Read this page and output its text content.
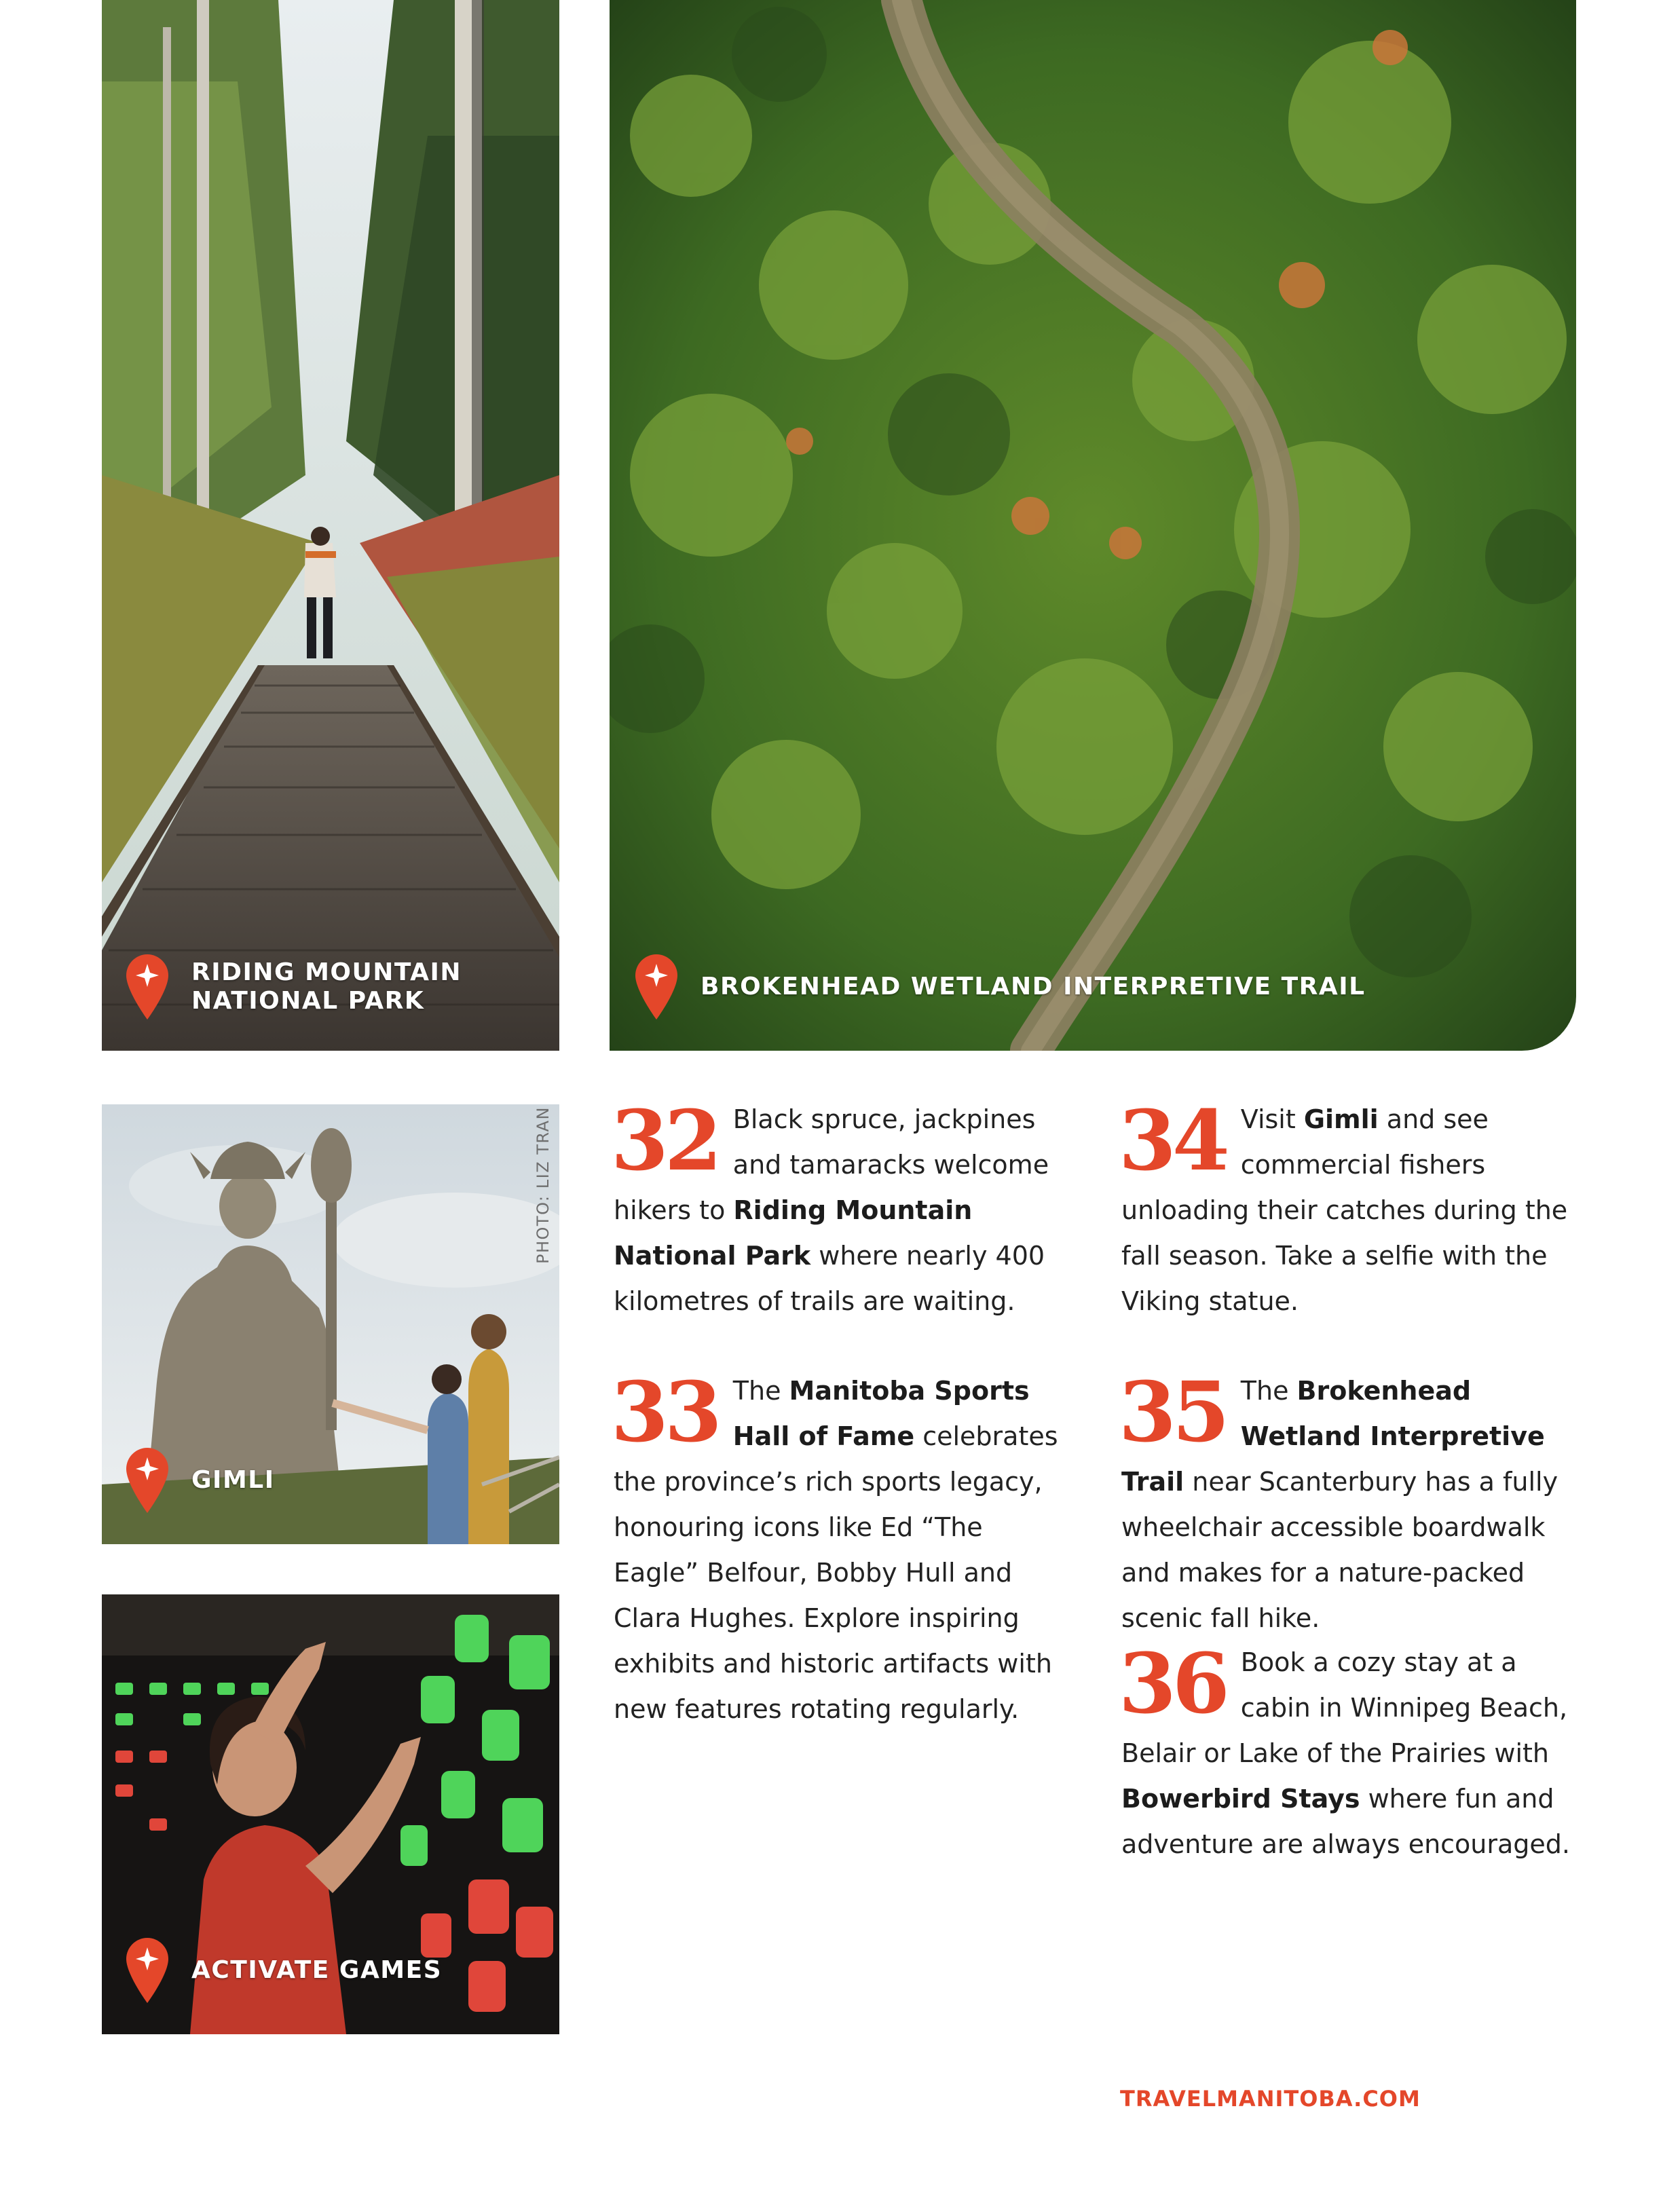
RIDING MOUNTAIN
NATIONAL PARK
BROKENHEAD WETLAND INTERPRETIVE TRAIL
PHOTO: LIZ TRAN
GIMLI
ACTIVATE GAMES
32 Black spruce, jackpines and tamaracks welcome hikers to Riding Mountain National Park where nearly 400 kilometres of trails are waiting.
33 The Manitoba Sports Hall of Fame celebrates the province’s rich sports legacy, honouring icons like Ed “The Eagle” Belfour, Bobby Hull and Clara Hughes. Explore inspiring exhibits and historic artifacts with new features rotating regularly.
34 Visit Gimli and see commercial fishers unloading their catches during the fall season. Take a selfie with the Viking statue.
35 The Brokenhead Wetland Interpretive Trail near Scanterbury has a fully wheelchair accessible boardwalk and makes for a nature-packed scenic fall hike.
36 Book a cozy stay at a cabin in Winnipeg Beach, Belair or Lake of the Prairies with Bowerbird Stays where fun and adventure are always encouraged.
TRAVELMANITOBA.COM
